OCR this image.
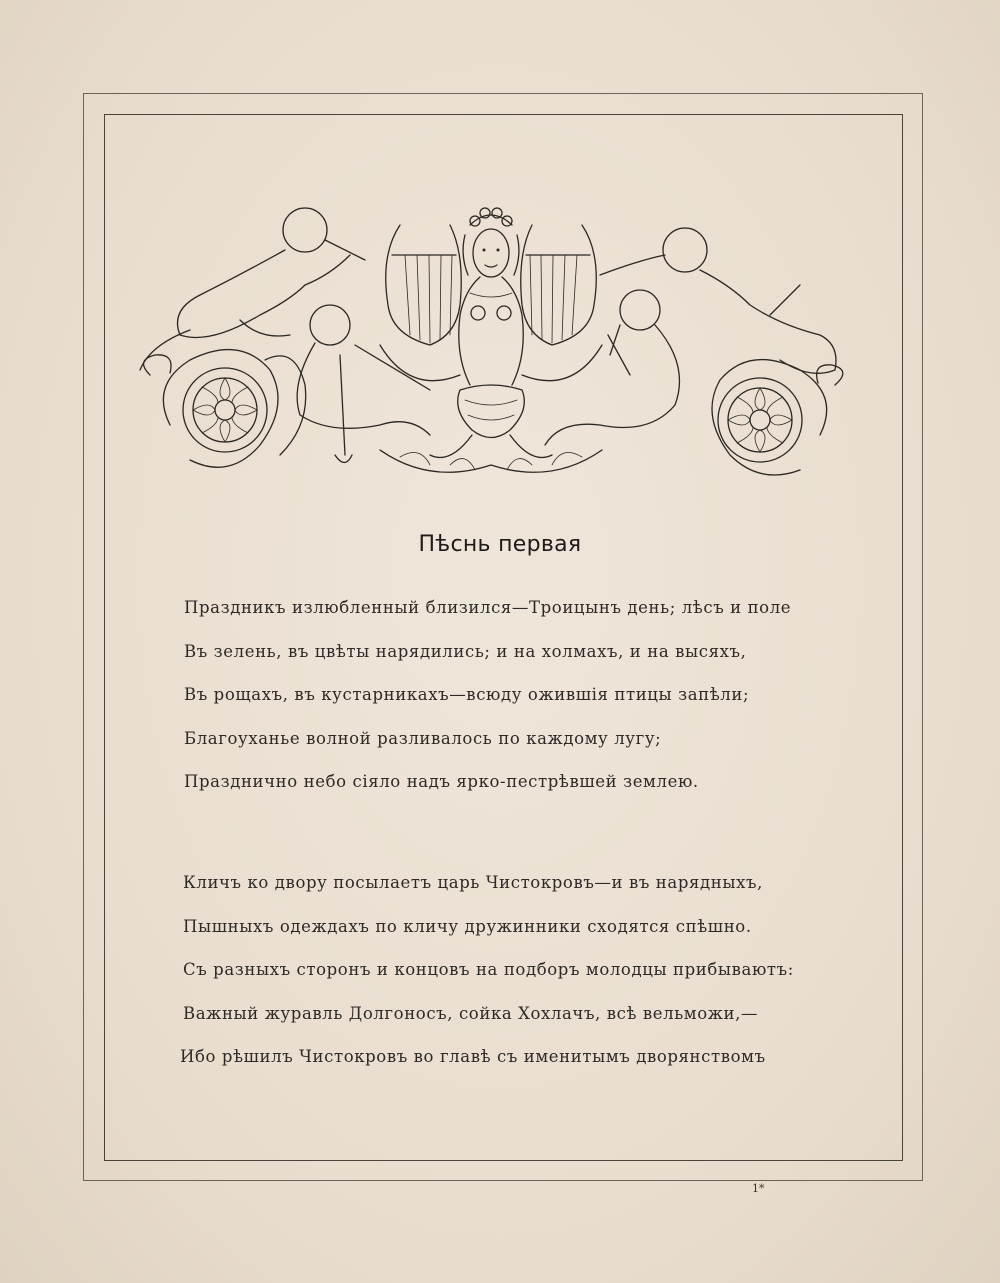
Пѣснь первая
Праздникъ излюбленный близился—Троицынъ день; лѣсъ и поле
Въ зелень, въ цвѣты нарядились; и на холмахъ, и на высяхъ,
Въ рощахъ, въ кустарникахъ—всюду ожившія птицы запѣли;
Благоуханье волной разливалось по каждому лугу;
Празднично небо сіяло надъ ярко-пестрѣвшей землею.
Кличъ ко двору посылаетъ царь Чистокровъ—и въ нарядныхъ,
Пышныхъ одеждахъ по кличу дружинники сходятся спѣшно.
Съ разныхъ сторонъ и концовъ на подборъ молодцы прибываютъ:
Важный журавль Долгоносъ, сойка Хохлачъ, всѣ вельможи,—
Ибо рѣшилъ Чистокровъ во главѣ съ именитымъ дворянствомъ
1*
